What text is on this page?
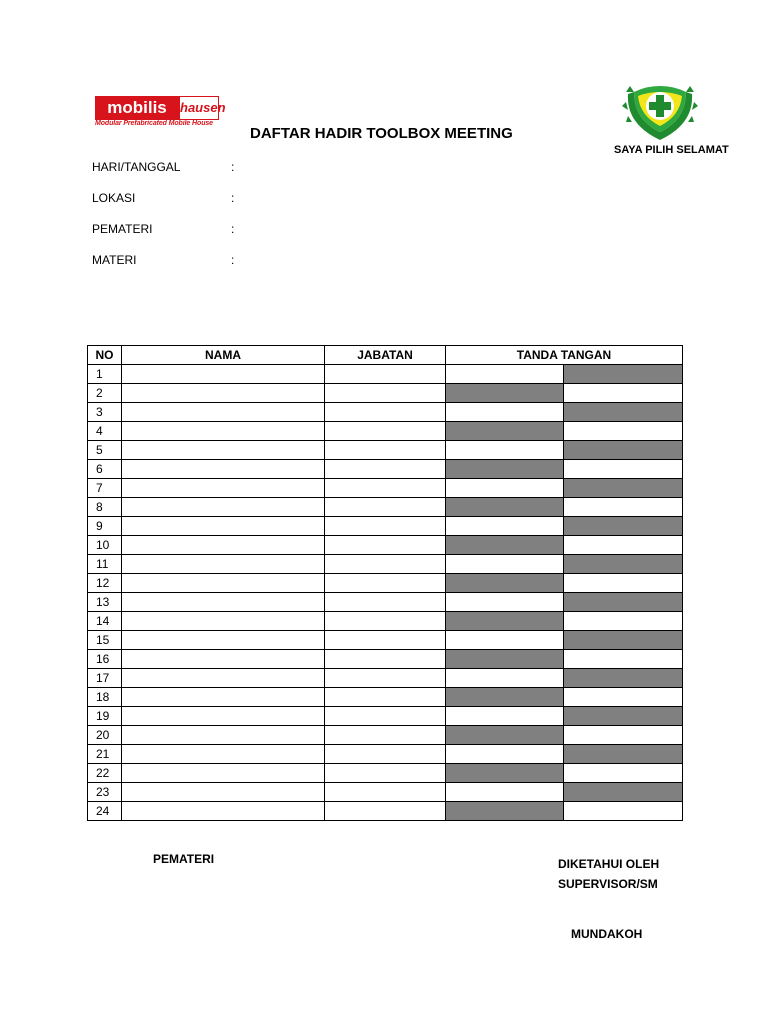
mobilis	hausen
Modular Prefabricated Mobile House
DAFTAR HADIR TOOLBOX MEETING
SAYA PILIH SELAMAT
HARI/TANGGAL	:
LOKASI	:
PEMATERI	:
MATERI	:
NO	NAMA	JABATAN	TANDA TANGAN	
1				
2				
3				
4				
5				
6				
7				
8				
9				
10				
11				
12				
13				
14				
15				
16				
17				
18				
19				
20				
21				
22				
23				
24				
PEMATERI	DIKETAHUI OLEH
SUPERVISOR/SM
MUNDAKOH
